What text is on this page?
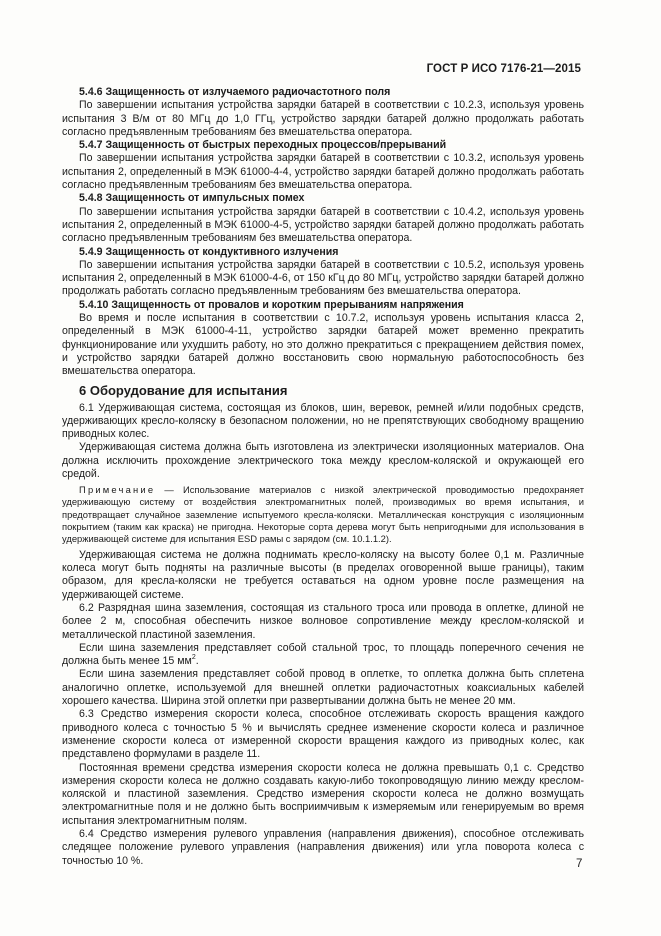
ГОСТ Р ИСО 7176-21—2015

5.4.6 Защищенность от излучаемого радиочастотного поля

По завершении испытания устройства зарядки батарей в соответствии с 10.2.3, используя уровень испытания 3 В/м от 80 МГц до 1,0 ГГц, устройство зарядки батарей должно продолжать работать согласно предъявленным требованиям без вмешательства оператора.

5.4.7 Защищенность от быстрых переходных процессов/прерываний

По завершении испытания устройства зарядки батарей в соответствии с 10.3.2, используя уровень испытания 2, определенный в МЭК 61000-4-4, устройство зарядки батарей должно продолжать работать согласно предъявленным требованиям без вмешательства оператора.

5.4.8 Защищенность от импульсных помех

По завершении испытания устройства зарядки батарей в соответствии с 10.4.2, используя уровень испытания 2, определенный в МЭК 61000-4-5, устройство зарядки батарей должно продолжать работать согласно предъявленным требованиям без вмешательства оператора.

5.4.9 Защищенность от кондуктивного излучения

По завершении испытания устройства зарядки батарей в соответствии с 10.5.2, используя уровень испытания 2, определенный в МЭК 61000-4-6, от 150 кГц до 80 МГц, устройство зарядки батарей должно продолжать работать согласно предъявленным требованиям без вмешательства оператора.

5.4.10 Защищенность от провалов и коротким прерываниям напряжения

Во время и после испытания в соответствии с 10.7.2, используя уровень испытания класса 2, определенный в МЭК 61000-4-11, устройство зарядки батарей может временно прекратить функционирование или ухудшить работу, но это должно прекратиться с прекращением действия помех, и устройство зарядки батарей должно восстановить свою нормальную работоспособность без вмешательства оператора.

6 Оборудование для испытания

6.1 Удерживающая система, состоящая из блоков, шин, веревок, ремней и/или подобных средств, удерживающих кресло-коляску в безопасном положении, но не препятствующих свободному вращению приводных колес.

Удерживающая система должна быть изготовлена из электрически изоляционных материалов. Она должна исключить прохождение электрического тока между креслом-коляской и окружающей его средой.

Примечание — Использование материалов с низкой электрической проводимостью предохраняет удерживающую систему от воздействия электромагнитных полей, производимых во время испытания, и предотвращает случайное заземление испытуемого кресла-коляски. Металлическая конструкция с изоляционным покрытием (таким как краска) не пригодна. Некоторые сорта дерева могут быть непригодными для использования в удерживающей системе для испытания ESD рамы с зарядом (см. 10.1.1.2).

Удерживающая система не должна поднимать кресло-коляску на высоту более 0,1 м. Различные колеса могут быть подняты на различные высоты (в пределах оговоренной выше границы), таким образом, для кресла-коляски не требуется оставаться на одном уровне после размещения на удерживающей системе.

6.2 Разрядная шина заземления, состоящая из стального троса или провода в оплетке, длиной не более 2 м, способная обеспечить низкое волновое сопротивление между креслом-коляской и металлической пластиной заземления.

Если шина заземления представляет собой стальной трос, то площадь поперечного сечения не должна быть менее 15 $мм^2$.

Если шина заземления представляет собой провод в оплетке, то оплетка должна быть сплетена аналогично оплетке, используемой для внешней оплетки радиочастотных коаксиальных кабелей хорошего качества. Ширина этой оплетки при развертывании должна быть не менее 20 мм.

6.3 Средство измерения скорости колеса, способное отслеживать скорость вращения каждого приводного колеса с точностью 5 % и вычислять среднее изменение скорости колеса и различное изменение скорости колеса от измеренной скорости вращения каждого из приводных колес, как представлено формулами в разделе 11.

Постоянная времени средства измерения скорости колеса не должна превышать 0,1 с. Средство измерения скорости колеса не должно создавать какую-либо токопроводящую линию между креслом-коляской и пластиной заземления. Средство измерения скорости колеса не должно возмущать электромагнитные поля и не должно быть восприимчивым к измеряемым или генерируемым во время испытания электромагнитным полям.

6.4 Средство измерения рулевого управления (направления движения), способное отслеживать следящее положение рулевого управления (направления движения) или угла поворота колеса с точностью 10 %.	7
